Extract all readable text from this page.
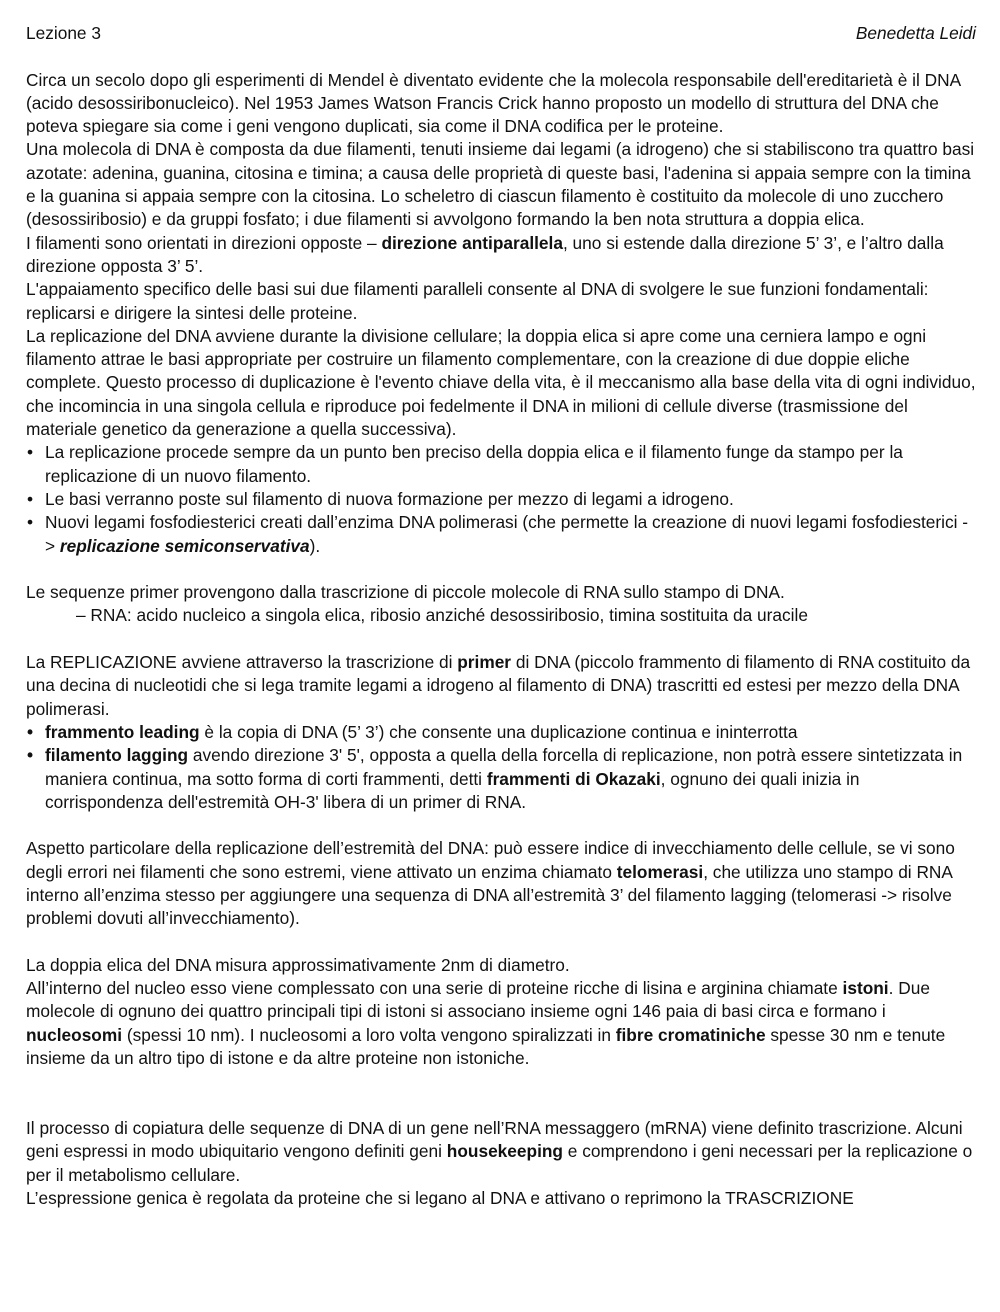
Lezione 3	Benedetta Leidi

Circa un secolo dopo gli esperimenti di Mendel è diventato evidente che la molecola responsabile dell'ereditarietà è il DNA (acido desossiribonucleico). Nel 1953 James Watson Francis Crick hanno proposto un modello di struttura del DNA che poteva spiegare sia come i geni vengono duplicati, sia come il DNA codifica per le proteine.

Una molecola di DNA è composta da due filamenti, tenuti insieme dai legami (a idrogeno) che si stabiliscono tra quattro basi azotate: adenina, guanina, citosina e timina; a causa delle proprietà di queste basi, l'adenina si appaia sempre con la timina e la guanina si appaia sempre con la citosina. Lo scheletro di ciascun filamento è costituito da molecole di uno zucchero (desossiribosio) e da gruppi fosfato; i due filamenti si avvolgono formando la ben nota struttura a doppia elica.

I filamenti sono orientati in direzioni opposte – direzione antiparallela, uno si estende dalla direzione 5’ 3’, e l’altro dalla direzione opposta 3’ 5’.

L'appaiamento specifico delle basi sui due filamenti paralleli consente al DNA di svolgere le sue funzioni fondamentali: replicarsi e dirigere la sintesi delle proteine.

La replicazione del DNA avviene durante la divisione cellulare; la doppia elica si apre come una cerniera lampo e ogni filamento attrae le basi appropriate per costruire un filamento complementare, con la creazione di due doppie eliche complete. Questo processo di duplicazione è l'evento chiave della vita, è il meccanismo alla base della vita di ogni individuo, che incomincia in una singola cellula e riproduce poi fedelmente il DNA in milioni di cellule diverse (trasmissione del materiale genetico da generazione a quella successiva).

• La replicazione procede sempre da un punto ben preciso della doppia elica e il filamento funge da stampo per la replicazione di un nuovo filamento.
• Le basi verranno poste sul filamento di nuova formazione per mezzo di legami a idrogeno.
• Nuovi legami fosfodiesterici creati dall’enzima DNA polimerasi (che permette la creazione di nuovi legami fosfodiesterici -> replicazione semiconservativa).

Le sequenze primer provengono dalla trascrizione di piccole molecole di RNA sullo stampo di DNA.

– RNA: acido nucleico a singola elica, ribosio anziché desossiribosio, timina sostituita da uracile

La REPLICAZIONE avviene attraverso la trascrizione di primer di DNA (piccolo frammento di filamento di RNA costituito da una decina di nucleotidi che si lega tramite legami a idrogeno al filamento di DNA) trascritti ed estesi per mezzo della DNA polimerasi.

• frammento leading è la copia di DNA (5’ 3’) che consente una duplicazione continua e ininterrotta
• filamento lagging avendo direzione 3' 5', opposta a quella della forcella di replicazione, non potrà essere sintetizzata in maniera continua, ma sotto forma di corti frammenti, detti frammenti di Okazaki, ognuno dei quali inizia in corrispondenza dell'estremità OH-3' libera di un primer di RNA.

Aspetto particolare della replicazione dell’estremità del DNA: può essere indice di invecchiamento delle cellule, se vi sono degli errori nei filamenti che sono estremi, viene attivato un enzima chiamato telomerasi, che utilizza uno stampo di RNA interno all’enzima stesso per aggiungere una sequenza di DNA all’estremità 3’ del filamento lagging (telomerasi -> risolve problemi dovuti all’invecchiamento).

La doppia elica del DNA misura approssimativamente 2nm di diametro.

All’interno del nucleo esso viene complessato con una serie di proteine ricche di lisina e arginina chiamate istoni. Due molecole di ognuno dei quattro principali tipi di istoni si associano insieme ogni 146 paia di basi circa e formano i nucleosomi (spessi 10 nm). I nucleosomi a loro volta vengono spiralizzati in fibre cromatiniche spesse 30 nm e tenute insieme da un altro tipo di istone e da altre proteine non istoniche.

Il processo di copiatura delle sequenze di DNA di un gene nell’RNA messaggero (mRNA) viene definito trascrizione. Alcuni geni espressi in modo ubiquitario vengono definiti geni housekeeping e comprendono i geni necessari per la replicazione o per il metabolismo cellulare.

L’espressione genica è regolata da proteine che si legano al DNA e attivano o reprimono la TRASCRIZIONE
